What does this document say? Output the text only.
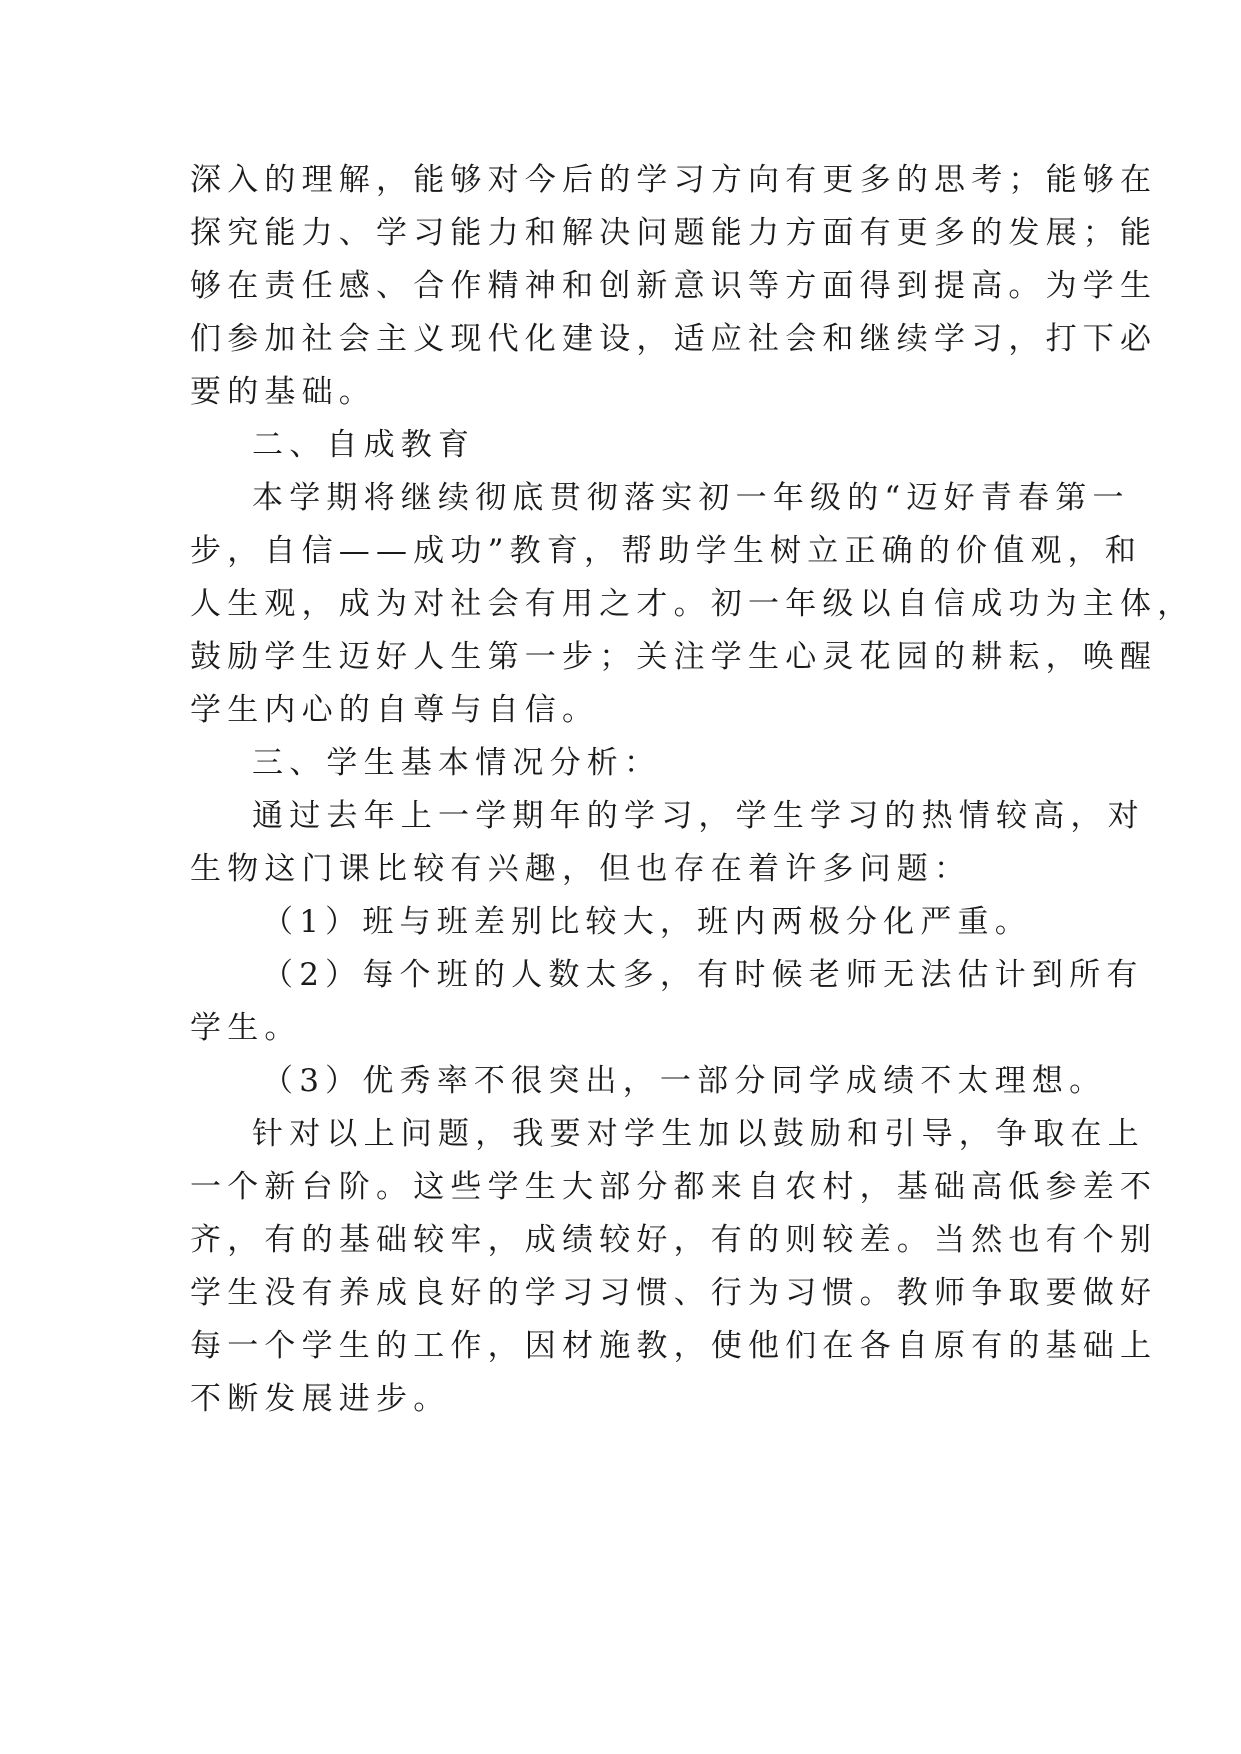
深入的理解，能够对今后的学习方向有更多的思考；能够在
探究能力、学习能力和解决问题能力方面有更多的发展；能
够在责任感、合作精神和创新意识等方面得到提高。为学生
们参加社会主义现代化建设，适应社会和继续学习，打下必
要的基础。
二、自成教育
本学期将继续彻底贯彻落实初一年级的“迈好青春第一
步，自信——成功”教育，帮助学生树立正确的价值观，和
人生观，成为对社会有用之才。初一年级以自信成功为主体，
鼓励学生迈好人生第一步；关注学生心灵花园的耕耘，唤醒
学生内心的自尊与自信。
三、学生基本情况分析：
通过去年上一学期年的学习，学生学习的热情较高，对
生物这门课比较有兴趣，但也存在着许多问题：
（1）班与班差别比较大，班内两极分化严重。
（2）每个班的人数太多，有时候老师无法估计到所有
学生。
（3）优秀率不很突出，一部分同学成绩不太理想。
针对以上问题，我要对学生加以鼓励和引导，争取在上
一个新台阶。这些学生大部分都来自农村，基础高低参差不
齐，有的基础较牢，成绩较好，有的则较差。当然也有个别
学生没有养成良好的学习习惯、行为习惯。教师争取要做好
每一个学生的工作，因材施教，使他们在各自原有的基础上
不断发展进步。
